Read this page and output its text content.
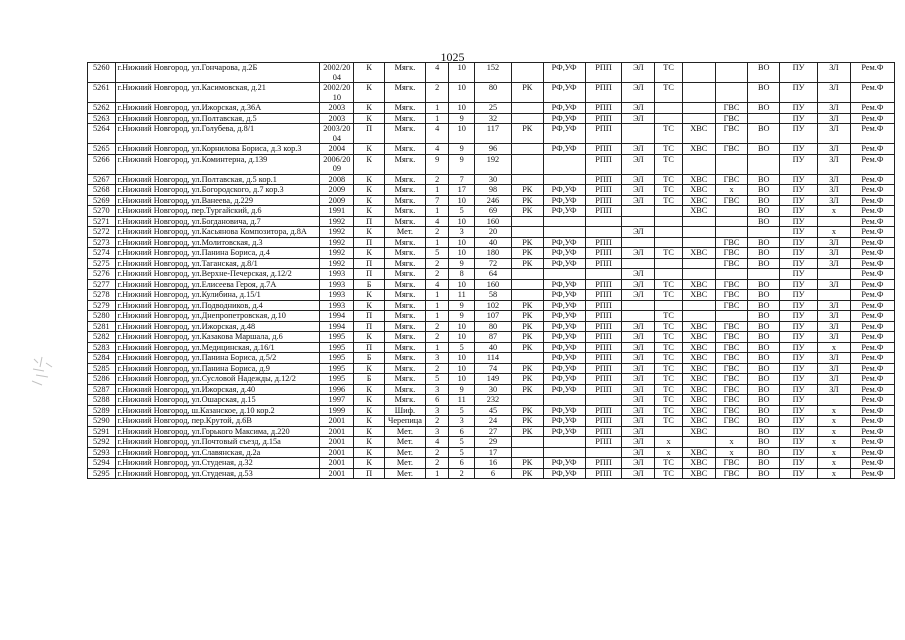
1025
5260	г.Нижний Новгород, ул.Гончарова, д.2Б	2002/2004	К	Мягк.	4	10	152		РФ,УФ	РПП	ЭЛ	ТС			ВО	ПУ	ЗЛ	Рем.Ф
5261	г.Нижний Новгород, ул.Касимовская, д.21	2002/2010	К	Мягк.	2	10	80	РК	РФ,УФ	РПП	ЭЛ	ТС			ВО	ПУ	ЗЛ	Рем.Ф
5262	г.Нижний Новгород, ул.Ижорская, д.36А	2003	К	Мягк.	1	10	25		РФ,УФ	РПП	ЭЛ			ГВС	ВО	ПУ	ЗЛ	Рем.Ф
5263	г.Нижний Новгород, ул.Полтавская, д.5	2003	К	Мягк.	1	9	32		РФ,УФ	РПП	ЭЛ			ГВС		ПУ	ЗЛ	Рем.Ф
5264	г.Нижний Новгород, ул.Голубева, д.8/1	2003/2004	П	Мягк.	4	10	117	РК	РФ,УФ	РПП		ТС	ХВС	ГВС	ВО	ПУ	ЗЛ	Рем.Ф
5265	г.Нижний Новгород, ул.Корнилова Бориса, д.3 кор.3	2004	К	Мягк.	4	9	96		РФ,УФ	РПП	ЭЛ	ТС	ХВС	ГВС	ВО	ПУ	ЗЛ	Рем.Ф
5266	г.Нижний Новгород, ул.Коминтерна, д.139	2006/2009	К	Мягк.	9	9	192			РПП	ЭЛ	ТС				ПУ	ЗЛ	Рем.Ф
5267	г.Нижний Новгород, ул.Полтавская, д.5 кор.1	2008	К	Мягк.	2	7	30			РПП	ЭЛ	ТС	ХВС	ГВС	ВО	ПУ	ЗЛ	Рем.Ф
5268	г.Нижний Новгород, ул.Богородского, д.7 кор.3	2009	К	Мягк.	1	17	98	РК	РФ,УФ	РПП	ЭЛ	ТС	ХВС	x	ВО	ПУ	ЗЛ	Рем.Ф
5269	г.Нижний Новгород, ул.Ванеева, д.229	2009	К	Мягк.	7	10	246	РК	РФ,УФ	РПП	ЭЛ	ТС	ХВС	ГВС	ВО	ПУ	ЗЛ	Рем.Ф
5270	г.Нижний Новгород, пер.Тургайский, д.6	1991	К	Мягк.	1	5	69	РК	РФ,УФ	РПП			ХВС		ВО	ПУ	x	Рем.Ф
5271	г.Нижний Новгород, ул.Богдановича, д.7	1992	П	Мягк.	4	10	160								ВО	ПУ		Рем.Ф
5272	г.Нижний Новгород, ул.Касьянова Композитора, д.8А	1992	К	Мет.	2	3	20				ЭЛ					ПУ	x	Рем.Ф
5273	г.Нижний Новгород, ул.Молитовская, д.3	1992	П	Мягк.	1	10	40	РК	РФ,УФ	РПП				ГВС	ВО	ПУ	ЗЛ	Рем.Ф
5274	г.Нижний Новгород, ул.Панина Бориса, д.4	1992	К	Мягк.	5	10	180	РК	РФ,УФ	РПП	ЭЛ	ТС	ХВС	ГВС	ВО	ПУ	ЗЛ	Рем.Ф
5275	г.Нижний Новгород, ул.Таганская, д.8/1	1992	П	Мягк.	2	9	72	РК	РФ,УФ	РПП				ГВС	ВО	ПУ	ЗЛ	Рем.Ф
5276	г.Нижний Новгород, ул.Верхне-Печерская, д.12/2	1993	П	Мягк.	2	8	64				ЭЛ					ПУ		Рем.Ф
5277	г.Нижний Новгород, ул.Елисеева Героя, д.7А	1993	Б	Мягк.	4	10	160		РФ,УФ	РПП	ЭЛ	ТС	ХВС	ГВС	ВО	ПУ	ЗЛ	Рем.Ф
5278	г.Нижний Новгород, ул.Кулибина, д.15/1	1993	К	Мягк.	1	11	58		РФ,УФ	РПП	ЭЛ	ТС	ХВС	ГВС	ВО	ПУ		Рем.Ф
5279	г.Нижний Новгород, ул.Подводников, д.4	1993	К	Мягк.	1	9	102	РК	РФ,УФ	РПП				ГВС	ВО	ПУ	ЗЛ	Рем.Ф
5280	г.Нижний Новгород, ул.Днепропетровская, д.10	1994	П	Мягк.	1	9	107	РК	РФ,УФ	РПП		ТС			ВО	ПУ	ЗЛ	Рем.Ф
5281	г.Нижний Новгород, ул.Ижорская, д.48	1994	П	Мягк.	2	10	80	РК	РФ,УФ	РПП	ЭЛ	ТС	ХВС	ГВС	ВО	ПУ	ЗЛ	Рем.Ф
5282	г.Нижний Новгород, ул.Казакова Маршала, д.6	1995	К	Мягк.	2	10	87	РК	РФ,УФ	РПП	ЭЛ	ТС	ХВС	ГВС	ВО	ПУ	ЗЛ	Рем.Ф
5283	г.Нижний Новгород, ул.Медицинская, д.16/1	1995	П	Мягк.	1	5	40	РК	РФ,УФ	РПП	ЭЛ	ТС	ХВС	ГВС	ВО	ПУ	x	Рем.Ф
5284	г.Нижний Новгород, ул.Панина Бориса, д.5/2	1995	Б	Мягк.	3	10	114		РФ,УФ	РПП	ЭЛ	ТС	ХВС	ГВС	ВО	ПУ	ЗЛ	Рем.Ф
5285	г.Нижний Новгород, ул.Панина Бориса, д.9	1995	К	Мягк.	2	10	74	РК	РФ,УФ	РПП	ЭЛ	ТС	ХВС	ГВС	ВО	ПУ	ЗЛ	Рем.Ф
5286	г.Нижний Новгород, ул.Сусловой Надежды, д.12/2	1995	Б	Мягк.	5	10	149	РК	РФ,УФ	РПП	ЭЛ	ТС	ХВС	ГВС	ВО	ПУ	ЗЛ	Рем.Ф
5287	г.Нижний Новгород, ул.Ижорская, д.40	1996	К	Мягк.	3	9	30	РК	РФ,УФ	РПП	ЭЛ	ТС	ХВС	ГВС	ВО	ПУ	ЗЛ	Рем.Ф
5288	г.Нижний Новгород, ул.Ошарская, д.15	1997	К	Мягк.	6	11	232				ЭЛ	ТС	ХВС	ГВС	ВО	ПУ		Рем.Ф
5289	г.Нижний Новгород, ш.Казанское, д.10 кор.2	1999	К	Шиф.	3	5	45	РК	РФ,УФ	РПП	ЭЛ	ТС	ХВС	ГВС	ВО	ПУ	x	Рем.Ф
5290	г.Нижний Новгород, пер.Крутой, д.6В	2001	К	Черепица	2	3	24	РК	РФ,УФ	РПП	ЭЛ	ТС	ХВС	ГВС	ВО	ПУ	x	Рем.Ф
5291	г.Нижний Новгород, ул.Горького Максима, д.220	2001	К	Мет.	3	6	27	РК	РФ,УФ	РПП	ЭЛ		ХВС		ВО	ПУ	x	Рем.Ф
5292	г.Нижний Новгород, ул.Почтовый съезд, д.15а	2001	К	Мет.	4	5	29			РПП	ЭЛ	x		x	ВО	ПУ	x	Рем.Ф
5293	г.Нижний Новгород, ул.Славянская, д.2а	2001	К	Мет.	2	5	17				ЭЛ	x	ХВС	x	ВО	ПУ	x	Рем.Ф
5294	г.Нижний Новгород, ул.Студеная, д.32	2001	К	Мет.	2	6	16	РК	РФ,УФ	РПП	ЭЛ	ТС	ХВС	ГВС	ВО	ПУ	x	Рем.Ф
5295	г.Нижний Новгород, ул.Студеная, д.53	2001	П	Мет.	1	2	6	РК	РФ,УФ	РПП	ЭЛ	ТС	ХВС	ГВС	ВО	ПУ	x	Рем.Ф
